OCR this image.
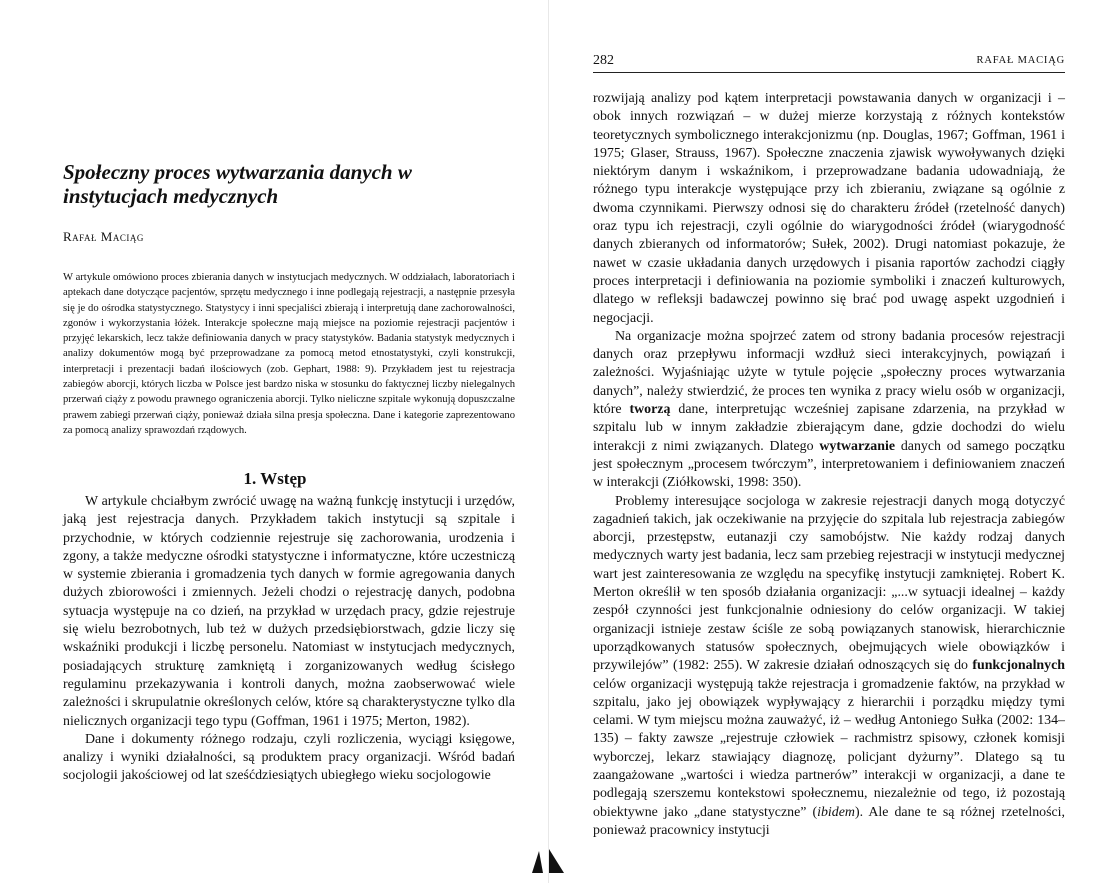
Społeczny proces wytwarzania danych w instytucjach medycznych

Rafał Maciąg

W artykule omówiono proces zbierania danych w instytucjach medycznych. W oddziałach, laboratoriach i aptekach dane dotyczące pacjentów, sprzętu medycznego i inne podlegają rejestracji, a następnie przesyła się je do ośrodka statystycznego. Statystycy i inni specjaliści zbierają i interpretują dane zachorowalności, zgonów i wykorzystania łóżek. Interakcje społeczne mają miejsce na poziomie rejestracji pacjentów i przyjęć lekarskich, lecz także definiowania danych w pracy statystyków. Badania statystyk medycznych i analizy dokumentów mogą być przeprowadzane za pomocą metod etnostatystyki, czyli konstrukcji, interpretacji i prezentacji badań ilościowych (zob. Gephart, 1988: 9). Przykładem jest tu rejestracja zabiegów aborcji, których liczba w Polsce jest bardzo niska w stosunku do faktycznej liczby nielegalnych przerwań ciąży z powodu prawnego ograniczenia aborcji. Tylko nieliczne szpitale wykonują dopuszczalne prawem zabiegi przerwań ciąży, ponieważ działa silna presja społeczna. Dane i kategorie zaprezentowano za pomocą analizy sprawozdań rządowych.

1. Wstęp

W artykule chciałbym zwrócić uwagę na ważną funkcję instytucji i urzędów, jaką jest rejestracja danych. Przykładem takich instytucji są szpitale i przychodnie, w których codziennie rejestruje się zachorowania, urodzenia i zgony, a także medyczne ośrodki statystyczne i informatyczne, które uczestniczą w systemie zbierania i gromadzenia tych danych w formie agregowania danych dużych zbiorowości i zmiennych. Jeżeli chodzi o rejestrację danych, podobna sytuacja występuje na co dzień, na przykład w urzędach pracy, gdzie rejestruje się wielu bezrobotnych, lub też w dużych przedsiębiorstwach, gdzie liczy się wskaźniki produkcji i liczbę personelu. Natomiast w instytucjach medycznych, posiadających strukturę zamkniętą i zorganizowanych według ścisłego regulaminu przekazywania i kontroli danych, można zaobserwować wiele zależności i skrupulatnie określonych celów, które są charakterystyczne tylko dla nielicznych organizacji tego typu (Goffman, 1961 i 1975; Merton, 1982).

Dane i dokumenty różnego rodzaju, czyli rozliczenia, wyciągi księgowe, analizy i wyniki działalności, są produktem pracy organizacji. Wśród badań socjologii jakościowej od lat sześćdziesiątych ubiegłego wieku socjologowie

282	RAFAŁ MACIĄG

rozwijają analizy pod kątem interpretacji powstawania danych w organizacji i – obok innych rozwiązań – w dużej mierze korzystają z różnych kontekstów teoretycznych symbolicznego interakcjonizmu (np. Douglas, 1967; Goffman, 1961 i 1975; Glaser, Strauss, 1967). Społeczne znaczenia zjawisk wywoływanych dzięki niektórym danym i wskaźnikom, i przeprowadzane badania udowadniają, że różnego typu interakcje występujące przy ich zbieraniu, związane są ogólnie z dwoma czynnikami. Pierwszy odnosi się do charakteru źródeł (rzetelność danych) oraz typu ich rejestracji, czyli ogólnie do wiarygodności źródeł (wiarygodność danych zbieranych od informatorów; Sułek, 2002). Drugi natomiast pokazuje, że nawet w czasie układania danych urzędowych i pisania raportów zachodzi ciągły proces interpretacji i definiowania na poziomie symboliki i znaczeń kulturowych, dlatego w refleksji badawczej powinno się brać pod uwagę aspekt uzgodnień i negocjacji.

Na organizacje można spojrzeć zatem od strony badania procesów rejestracji danych oraz przepływu informacji wzdłuż sieci interakcyjnych, powiązań i zależności. Wyjaśniając użyte w tytule pojęcie „społeczny proces wytwarzania danych”, należy stwierdzić, że proces ten wynika z pracy wielu osób w organizacji, które tworzą dane, interpretując wcześniej zapisane zdarzenia, na przykład w szpitalu lub w innym zakładzie zbierającym dane, gdzie dochodzi do wielu interakcji z nimi związanych. Dlatego wytwarzanie danych od samego początku jest społecznym „procesem twórczym”, interpretowaniem i definiowaniem znaczeń w interakcji (Ziółkowski, 1998: 350).

Problemy interesujące socjologa w zakresie rejestracji danych mogą dotyczyć zagadnień takich, jak oczekiwanie na przyjęcie do szpitala lub rejestracja zabiegów aborcji, przestępstw, eutanazji czy samobójstw. Nie każdy rodzaj danych medycznych warty jest badania, lecz sam przebieg rejestracji w instytucji medycznej wart jest zainteresowania ze względu na specyfikę instytucji zamkniętej. Robert K. Merton określił w ten sposób działania organizacji: „...w sytuacji idealnej – każdy zespół czynności jest funkcjonalnie odniesiony do celów organizacji. W takiej organizacji istnieje zestaw ściśle ze sobą powiązanych stanowisk, hierarchicznie uporządkowanych statusów społecznych, obejmujących wiele obowiązków i przywilejów” (1982: 255). W zakresie działań odnoszących się do funkcjonalnych celów organizacji występują także rejestracja i gromadzenie faktów, na przykład w szpitalu, jako jej obowiązek wypływający z hierarchii i porządku między tymi celami. W tym miejscu można zauważyć, iż – według Antoniego Sułka (2002: 134–135) – fakty zawsze „rejestruje człowiek – rachmistrz spisowy, członek komisji wyborczej, lekarz stawiający diagnozę, policjant dyżurny”. Dlatego są tu zaangażowane „wartości i wiedza partnerów” interakcji w organizacji, a dane te podlegają szerszemu kontekstowi społecznemu, niezależnie od tego, iż pozostają obiektywne jako „dane statystyczne” (ibidem). Ale dane te są różnej rzetelności, ponieważ pracownicy instytucji
